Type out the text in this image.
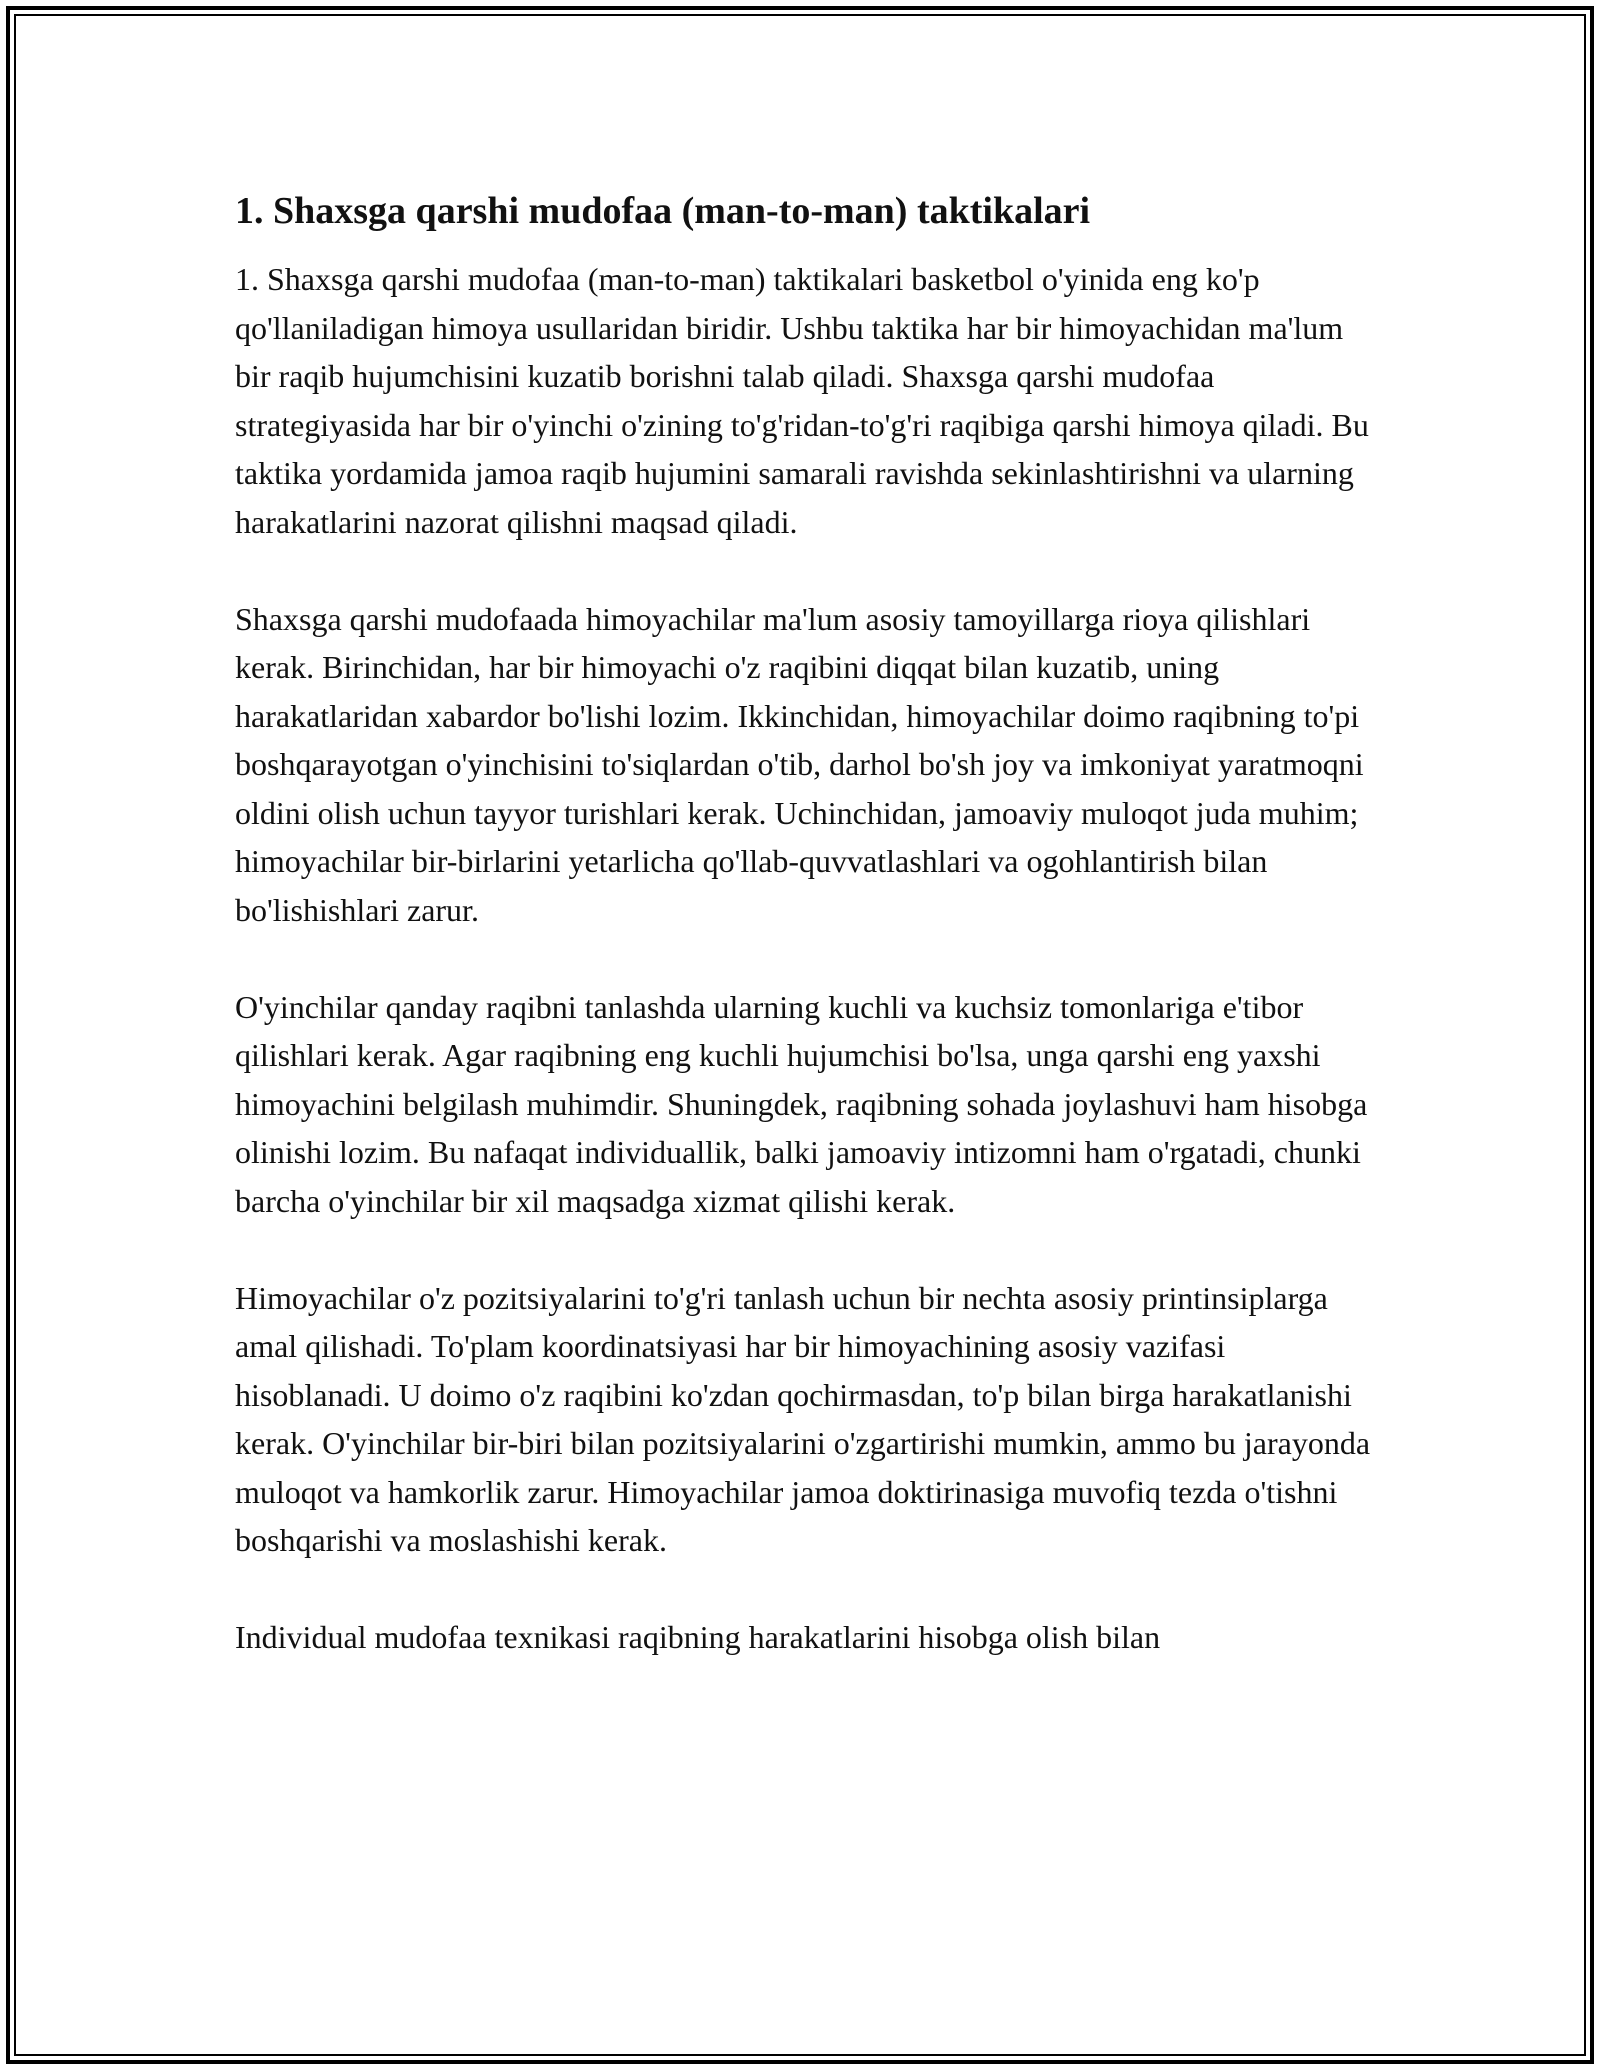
1. Shaxsga qarshi mudofaa (man-to-man) taktikalari

1. Shaxsga qarshi mudofaa (man-to-man) taktikalari basketbol o'yinida eng ko'p qo'llaniladigan himoya usullaridan biridir. Ushbu taktika har bir himoyachidan ma'lum bir raqib hujumchisini kuzatib borishni talab qiladi. Shaxsga qarshi mudofaa strategiyasida har bir o'yinchi o'zining to'g'ridan-to'g'ri raqibiga qarshi himoya qiladi. Bu taktika yordamida jamoa raqib hujumini samarali ravishda sekinlashtirishni va ularning harakatlarini nazorat qilishni maqsad qiladi.

Shaxsga qarshi mudofaada himoyachilar ma'lum asosiy tamoyillarga rioya qilishlari kerak. Birinchidan, har bir himoyachi o'z raqibini diqqat bilan kuzatib, uning harakatlaridan xabardor bo'lishi lozim. Ikkinchidan, himoyachilar doimo raqibning to'pi boshqarayotgan o'yinchisini to'siqlardan o'tib, darhol bo'sh joy va imkoniyat yaratmoqni oldini olish uchun tayyor turishlari kerak. Uchinchidan, jamoaviy muloqot juda muhim; himoyachilar bir-birlarini yetarlicha qo'llab-quvvatlashlari va ogohlantirish bilan bo'lishishlari zarur.

O'yinchilar qanday raqibni tanlashda ularning kuchli va kuchsiz tomonlariga e'tibor qilishlari kerak. Agar raqibning eng kuchli hujumchisi bo'lsa, unga qarshi eng yaxshi himoyachini belgilash muhimdir. Shuningdek, raqibning sohada joylashuvi ham hisobga olinishi lozim. Bu nafaqat individuallik, balki jamoaviy intizomni ham o'rgatadi, chunki barcha o'yinchilar bir xil maqsadga xizmat qilishi kerak.

Himoyachilar o'z pozitsiyalarini to'g'ri tanlash uchun bir nechta asosiy printinsiplarga amal qilishadi. To'plam koordinatsiyasi har bir himoyachining asosiy vazifasi hisoblanadi. U doimo o'z raqibini ko'zdan qochirmasdan, to'p bilan birga harakatlanishi kerak. O'yinchilar bir-biri bilan pozitsiyalarini o'zgartirishi mumkin, ammo bu jarayonda muloqot va hamkorlik zarur. Himoyachilar jamoa doktirinasiga muvofiq tezda o'tishni boshqarishi va moslashishi kerak.

Individual mudofaa texnikasi raqibning harakatlarini hisobga olish bilan
